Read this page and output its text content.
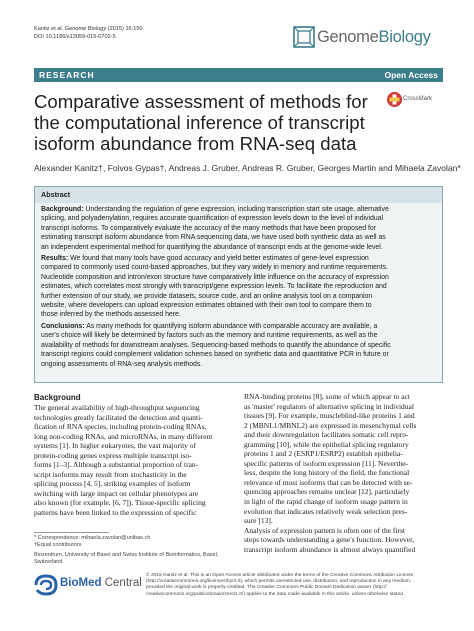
Kanitz et al. Genome Biology (2015) 16:150
DOI 10.1186/s13059-015-0702-5	GenomeBiology
RESEARCH	Open Access
Comparative assessment of methods for
the computational inference of transcript
isoform abundance from RNA-seq data
CrossMark
Alexander Kanitz†, Foivos Gypas†, Andreas J. Gruber, Andreas R. Gruber, Georges Martin and Mihaela Zavolan*
Abstract
Background: Understanding the regulation of gene expression, including transcription start site usage, alternative
splicing, and polyadenylation, requires accurate quantification of expression levels down to the level of individual
transcript isoforms. To comparatively evaluate the accuracy of the many methods that have been proposed for
estimating transcript isoform abundance from RNA sequencing data, we have used both synthetic data as well as
an independent experimental method for quantifying the abundance of transcript ends at the genome-wide level.
Results: We found that many tools have good accuracy and yield better estimates of gene-level expression
compared to commonly used count-based approaches, but they vary widely in memory and runtime requirements.
Nucleotide composition and intron/exon structure have comparatively little influence on the accuracy of expression
estimates, which correlates most strongly with transcript/gene expression levels. To facilitate the reproduction and
further extension of our study, we provide datasets, source code, and an online analysis tool on a companion
website, where developers can upload expression estimates obtained with their own tool to compare them to
those inferred by the methods assessed here.
Conclusions: As many methods for quantifying isoform abundance with comparable accuracy are available, a
user's choice will likely be determined by factors such as the memory and runtime requirements, as well as the
availability of methods for downstream analyses. Sequencing-based methods to quantify the abundance of specific
transcript regions could complement validation schemes based on synthetic data and quantitative PCR in future or
ongoing assessments of RNA-seq analysis methods.
Background
The general availability of high-throughput sequencing
technologies greatly facilitated the detection and quanti-
fication of RNA species, including protein-coding RNAs,
long non-coding RNAs, and microRNAs, in many different
systems [1]. In higher eukaryotes, the vast majority of
protein-coding genes express multiple transcript iso-
forms [1–3]. Although a substantial proportion of tran-
script isoforms may result from stochasticity in the
splicing process [4, 5], striking examples of isoform
switching with large impact on cellular phenotypes are
also known (for example, [6, 7]). Tissue-specific splicing
patterns have been linked to the expression of specific
RNA-binding proteins [8], some of which appear to act
as 'master' regulators of alternative splicing in individual
tissues [9]. For example, muscleblind-like proteins 1 and
2 (MBNL1/MBNL2) are expressed in mesenchymal cells
and their downregulation facilitates somatic cell repro-
gramming [10], while the epithelial splicing regulatory
proteins 1 and 2 (ESRP1/ESRP2) establish epithelia-
specific patterns of isoform expression [11]. Neverthe-
less, despite the long history of the field, the functional
relevance of most isoforms that can be detected with se-
quencing approaches remains unclear [12], particularly
in light of the rapid change of isoform usage pattern in
evolution that indicates relatively weak selection pres-
sure [13].
Analysis of expression pattern is often one of the first
steps towards understanding a gene's function. However,
transcript isoform abundance is almost always quantified
* Correspondence: mihaela.zavolan@unibas.ch
†Equal contributors
Biozentrum, University of Basel and Swiss Institute of Bioinformatics, Basel,
Switzerland
BioMed Central
© 2015 Kanitz et al. This is an Open Access article distributed under the terms of the Creative Commons Attribution License
(http://creativecommons.org/licenses/by/4.0), which permits unrestricted use, distribution, and reproduction in any medium,
provided the original work is properly credited. The Creative Commons Public Domain Dedication waiver (http://
creativecommons.org/publicdomain/zero/1.0/) applies to the data made available in this article, unless otherwise stated.
